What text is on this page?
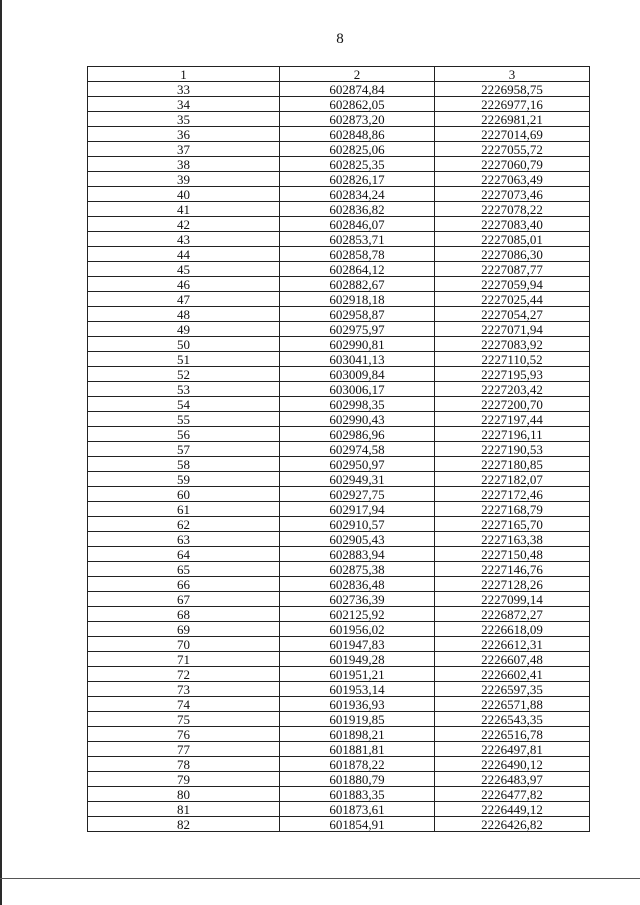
8
1	2	3
33	602874,84	2226958,75
34	602862,05	2226977,16
35	602873,20	2226981,21
36	602848,86	2227014,69
37	602825,06	2227055,72
38	602825,35	2227060,79
39	602826,17	2227063,49
40	602834,24	2227073,46
41	602836,82	2227078,22
42	602846,07	2227083,40
43	602853,71	2227085,01
44	602858,78	2227086,30
45	602864,12	2227087,77
46	602882,67	2227059,94
47	602918,18	2227025,44
48	602958,87	2227054,27
49	602975,97	2227071,94
50	602990,81	2227083,92
51	603041,13	2227110,52
52	603009,84	2227195,93
53	603006,17	2227203,42
54	602998,35	2227200,70
55	602990,43	2227197,44
56	602986,96	2227196,11
57	602974,58	2227190,53
58	602950,97	2227180,85
59	602949,31	2227182,07
60	602927,75	2227172,46
61	602917,94	2227168,79
62	602910,57	2227165,70
63	602905,43	2227163,38
64	602883,94	2227150,48
65	602875,38	2227146,76
66	602836,48	2227128,26
67	602736,39	2227099,14
68	602125,92	2226872,27
69	601956,02	2226618,09
70	601947,83	2226612,31
71	601949,28	2226607,48
72	601951,21	2226602,41
73	601953,14	2226597,35
74	601936,93	2226571,88
75	601919,85	2226543,35
76	601898,21	2226516,78
77	601881,81	2226497,81
78	601878,22	2226490,12
79	601880,79	2226483,97
80	601883,35	2226477,82
81	601873,61	2226449,12
82	601854,91	2226426,82
